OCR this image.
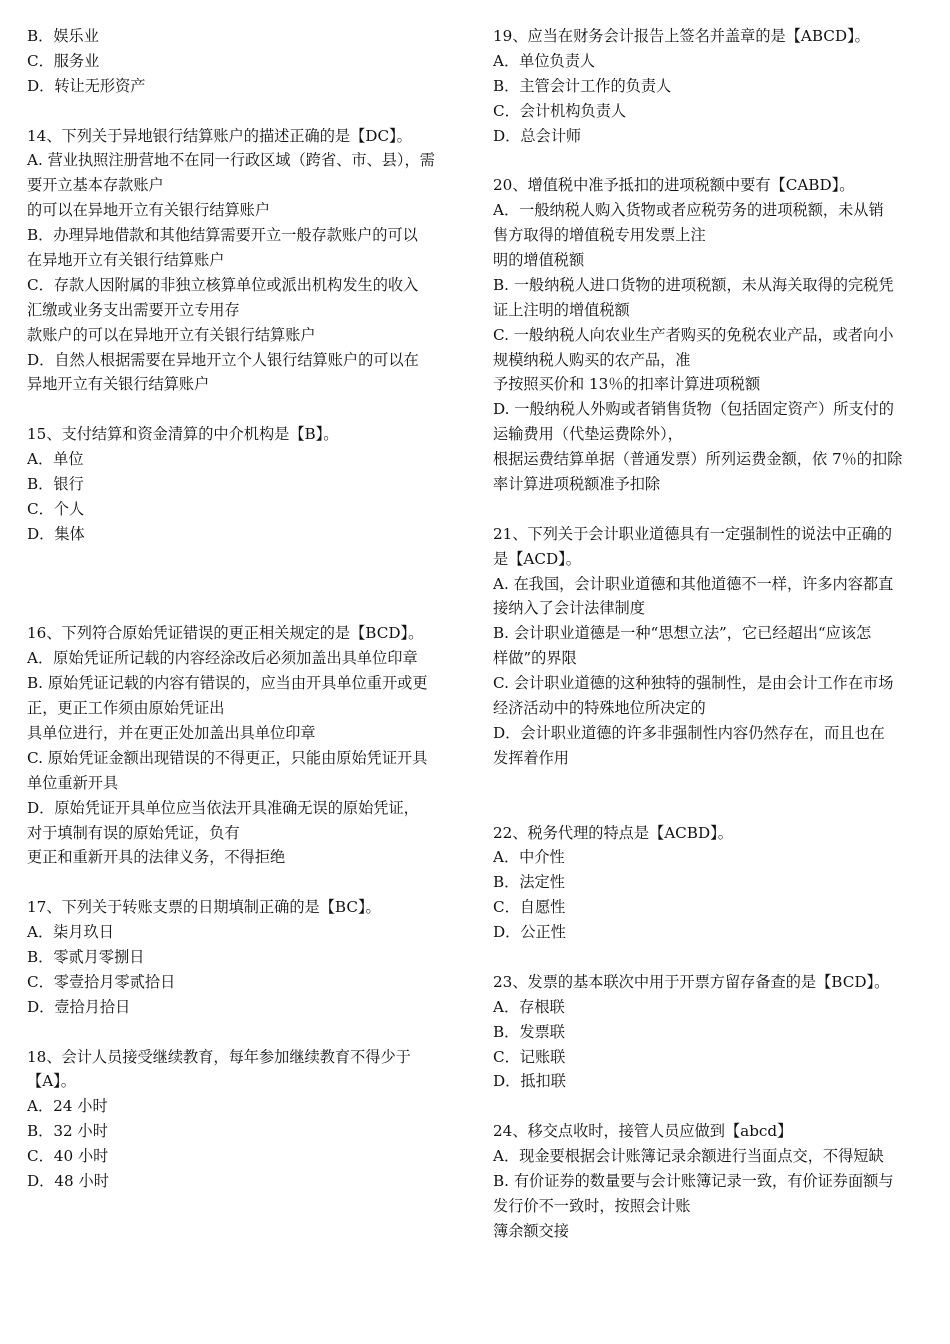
B．娱乐业
C．服务业
D．转让无形资产
14、下列关于异地银行结算账户的描述正确的是【DC】。
A. 营业执照注册营地不在同一行政区域（跨省、市、县），需
要开立基本存款账户
的可以在异地开立有关银行结算账户
B．办理异地借款和其他结算需要开立一般存款账户的可以
在异地开立有关银行结算账户
C．存款人因附属的非独立核算单位或派出机构发生的收入
汇缴或业务支出需要开立专用存
款账户的可以在异地开立有关银行结算账户
D．自然人根据需要在异地开立个人银行结算账户的可以在
异地开立有关银行结算账户
15、支付结算和资金清算的中介机构是【B】。
A．单位
B．银行
C．个人
D．集体
16、下列符合原始凭证错误的更正相关规定的是【BCD】。
A．原始凭证所记载的内容经涂改后必须加盖出具单位印章
B. 原始凭证记载的内容有错误的，应当由开具单位重开或更
正，更正工作须由原始凭证出
具单位进行，并在更正处加盖出具单位印章
C. 原始凭证金额出现错误的不得更正，只能由原始凭证开具
单位重新开具
D．原始凭证开具单位应当依法开具准确无误的原始凭证，
对于填制有误的原始凭证，负有
更正和重新开具的法律义务，不得拒绝
17、下列关于转账支票的日期填制正确的是【BC】。
A．柒月玖日
B．零贰月零捌日
C．零壹拾月零贰拾日
D．壹拾月拾日
18、会计人员接受继续教育，每年参加继续教育不得少于
【A】。
A．24 小时
B．32 小时
C．40 小时
D．48 小时
19、应当在财务会计报告上签名并盖章的是【ABCD】。
A．单位负责人
B．主管会计工作的负责人
C．会计机构负责人
D．总会计师
20、增值税中准予抵扣的进项税额中要有【CABD】。
A．一般纳税人购入货物或者应税劳务的进项税额，未从销
售方取得的增值税专用发票上注
明的增值税额
B. 一般纳税人进口货物的进项税额，未从海关取得的完税凭
证上注明的增值税额
C. 一般纳税人向农业生产者购买的免税农业产品，或者向小
规模纳税人购买的农产品，准
予按照买价和 13％的扣率计算进项税额
D. 一般纳税人外购或者销售货物（包括固定资产）所支付的
运输费用（代垫运费除外），
根据运费结算单据（普通发票）所列运费金额，依 7％的扣除
率计算进项税额准予扣除
21、下列关于会计职业道德具有一定强制性的说法中正确的
是【ACD】。
A. 在我国，会计职业道德和其他道德不一样，许多内容都直
接纳入了会计法律制度
B. 会计职业道德是一种“思想立法”，它已经超出“应该怎
样做”的界限
C. 会计职业道德的这种独特的强制性，是由会计工作在市场
经济活动中的特殊地位所决定的
D．会计职业道德的许多非强制性内容仍然存在，而且也在
发挥着作用
22、税务代理的特点是【ACBD】。
A．中介性
B．法定性
C．自愿性
D．公正性
23、发票的基本联次中用于开票方留存备查的是【BCD】。
A．存根联
B．发票联
C．记账联
D．抵扣联
24、移交点收时，接管人员应做到【abcd】
A．现金要根据会计账簿记录余额进行当面点交，不得短缺
B. 有价证券的数量要与会计账簿记录一致，有价证券面额与
发行价不一致时，按照会计账
簿余额交接
